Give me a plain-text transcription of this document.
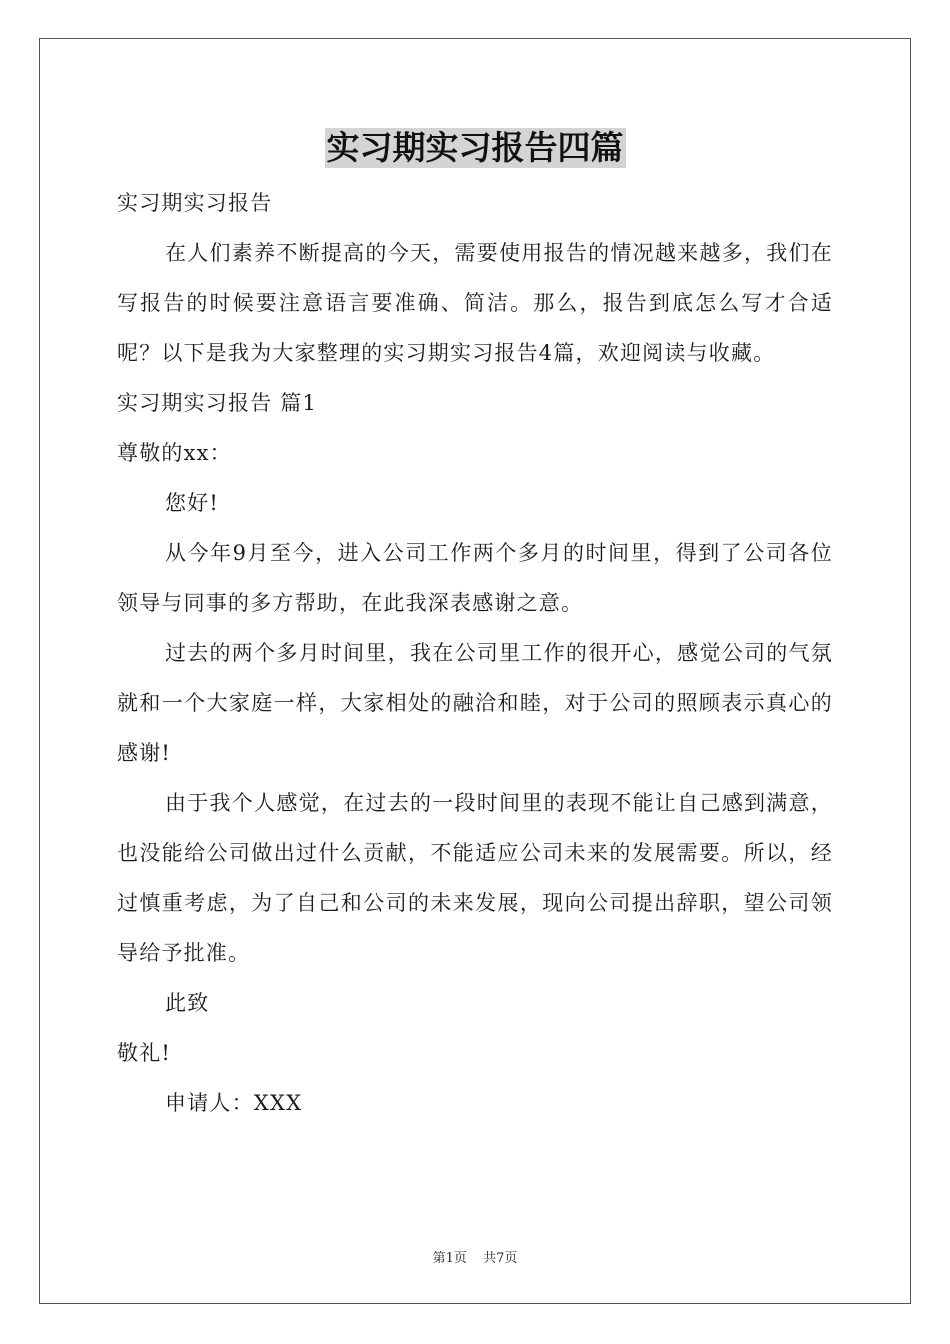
实习期实习报告四篇

实习期实习报告

在人们素养不断提高的今天，需要使用报告的情况越来越多，我们在写报告的时候要注意语言要准确、简洁。那么，报告到底怎么写才合适呢？以下是我为大家整理的实习期实习报告4篇，欢迎阅读与收藏。

实习期实习报告 篇1

尊敬的xx：

您好!

从今年9月至今，进入公司工作两个多月的时间里，得到了公司各位领导与同事的多方帮助，在此我深表感谢之意。

过去的两个多月时间里，我在公司里工作的很开心，感觉公司的气氛就和一个大家庭一样，大家相处的融洽和睦，对于公司的照顾表示真心的感谢!

由于我个人感觉，在过去的一段时间里的表现不能让自己感到满意，也没能给公司做出过什么贡献，不能适应公司未来的发展需要。所以，经过慎重考虑，为了自己和公司的未来发展，现向公司提出辞职，望公司领导给予批准。

此致

敬礼!

申请人：XXX

第1页 共7页
